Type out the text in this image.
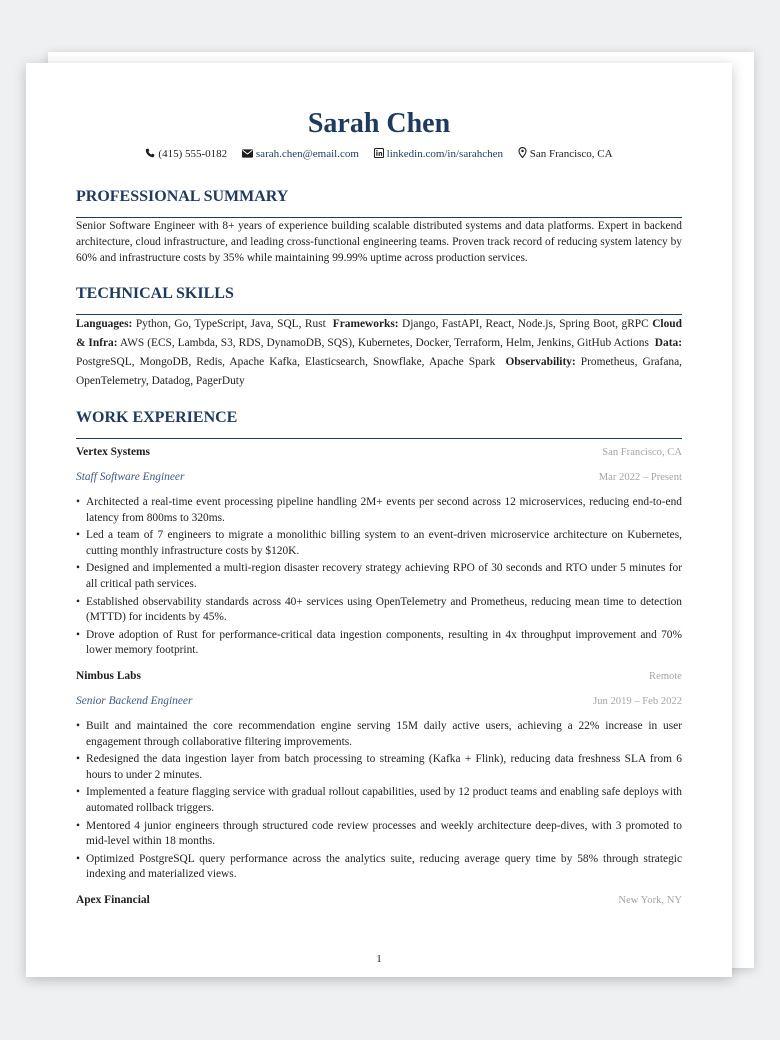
Sarah Chen
(415) 555-0182	sarah.chen@email.com	linkedin.com/in/sarahchen San Francisco, CA
PROFESSIONAL SUMMARY

Senior Software Engineer with 8+ years of experience building scalable distributed systems and data platforms. Expert in backend architecture, cloud infrastructure, and leading cross-functional engineering teams. Proven track record of reducing system latency by 60% and infrastructure costs by 35% while maintaining 99.99% uptime across production services.

TECHNICAL SKILLS

Languages: Python, Go, TypeScript, Java, SQL, Rust Frameworks: Django, FastAPI, React, Node.js, Spring Boot, gRPC Cloud & Infra: AWS (ECS, Lambda, S3, RDS, DynamoDB, SQS), Kubernetes, Docker, Terraform, Helm, Jenkins, GitHub Actions Data: PostgreSQL, MongoDB, Redis, Apache Kafka, Elasticsearch, Snowflake, Apache Spark Observability: Prometheus, Grafana, OpenTelemetry, Datadog, PagerDuty

WORK EXPERIENCE
Vertex Systems	San Francisco, CA
Staff Software Engineer	Mar 2022 – Present
• Architected a real-time event processing pipeline handling 2M+ events per second across 12 microservices, reducing end-to-end latency from 800ms to 320ms.
• Led a team of 7 engineers to migrate a monolithic billing system to an event-driven microservice architecture on Kubernetes, cutting monthly infrastructure costs by $120K.
• Designed and implemented a multi-region disaster recovery strategy achieving RPO of 30 seconds and RTO under 5 minutes for all critical path services.
• Established observability standards across 40+ services using OpenTelemetry and Prometheus, reducing mean time to detection (MTTD) for incidents by 45%.
• Drove adoption of Rust for performance-critical data ingestion components, resulting in 4x throughput improvement and 70% lower memory footprint.
Nimbus Labs	Remote
Senior Backend Engineer	Jun 2019 – Feb 2022
• Built and maintained the core recommendation engine serving 15M daily active users, achieving a 22% increase in user engagement through collaborative filtering improvements.
• Redesigned the data ingestion layer from batch processing to streaming (Kafka + Flink), reducing data freshness SLA from 6 hours to under 2 minutes.
• Implemented a feature flagging service with gradual rollout capabilities, used by 12 product teams and enabling safe deploys with automated rollback triggers.
• Mentored 4 junior engineers through structured code review processes and weekly architecture deep-dives, with 3 promoted to mid-level within 18 months.
• Optimized PostgreSQL query performance across the analytics suite, reducing average query time by 58% through strategic indexing and materialized views.
Apex Financial	New York, NY
1
